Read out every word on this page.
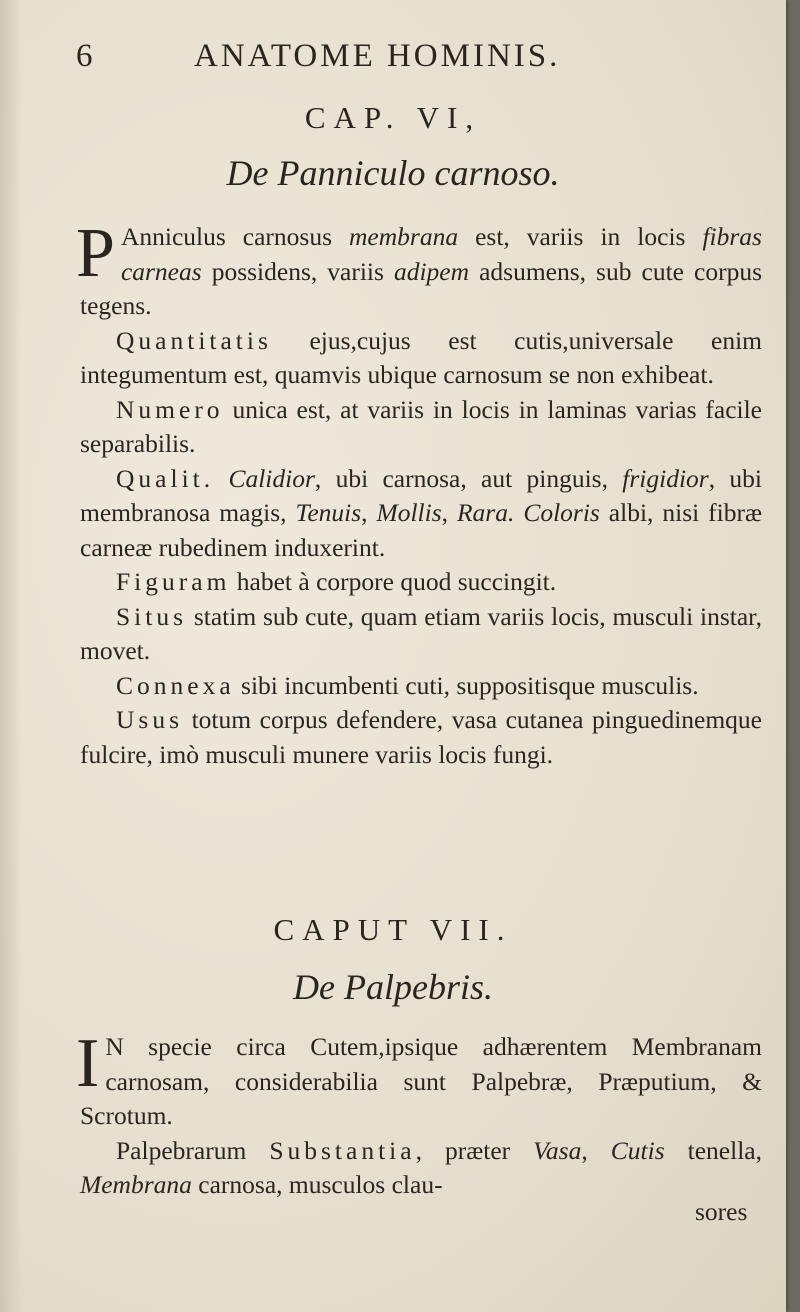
6	ANATOME HOMINIS.
CAP. VI,
De Panniculo carnoso.

P Anniculus carnosus membrana est, variis in locis fibras carneas possidens, variis adipem adsumens, sub cute corpus tegens.

Quantitatis ejus,cujus est cutis,universale enim integumentum est, quamvis ubique carnosum se non exhibeat.

Numero unica est, at variis in locis in laminas varias facile separabilis.

Qualit. Calidior, ubi carnosa, aut pinguis, frigidior, ubi membranosa magis, Tenuis, Mollis, Rara. Coloris albi, nisi fibræ carneæ rubedinem induxerint.

Figuram habet à corpore quod succingit.

Situs statim sub cute, quam etiam variis locis, musculi instar, movet.

Connexa sibi incumbenti cuti, suppositisque musculis.

Usus totum corpus defendere, vasa cutanea pinguedinemque fulcire, imò musculi munere variis locis fungi.

CAPUT VII.
De Palpebris.

I N specie circa Cutem,ipsique adhærentem Membranam carnosam, considerabilia sunt Palpebræ, Præputium, & Scrotum.

Palpebrarum Substantia, præter Vasa, Cutis tenella, Membrana carnosa, musculos clau-

sores
